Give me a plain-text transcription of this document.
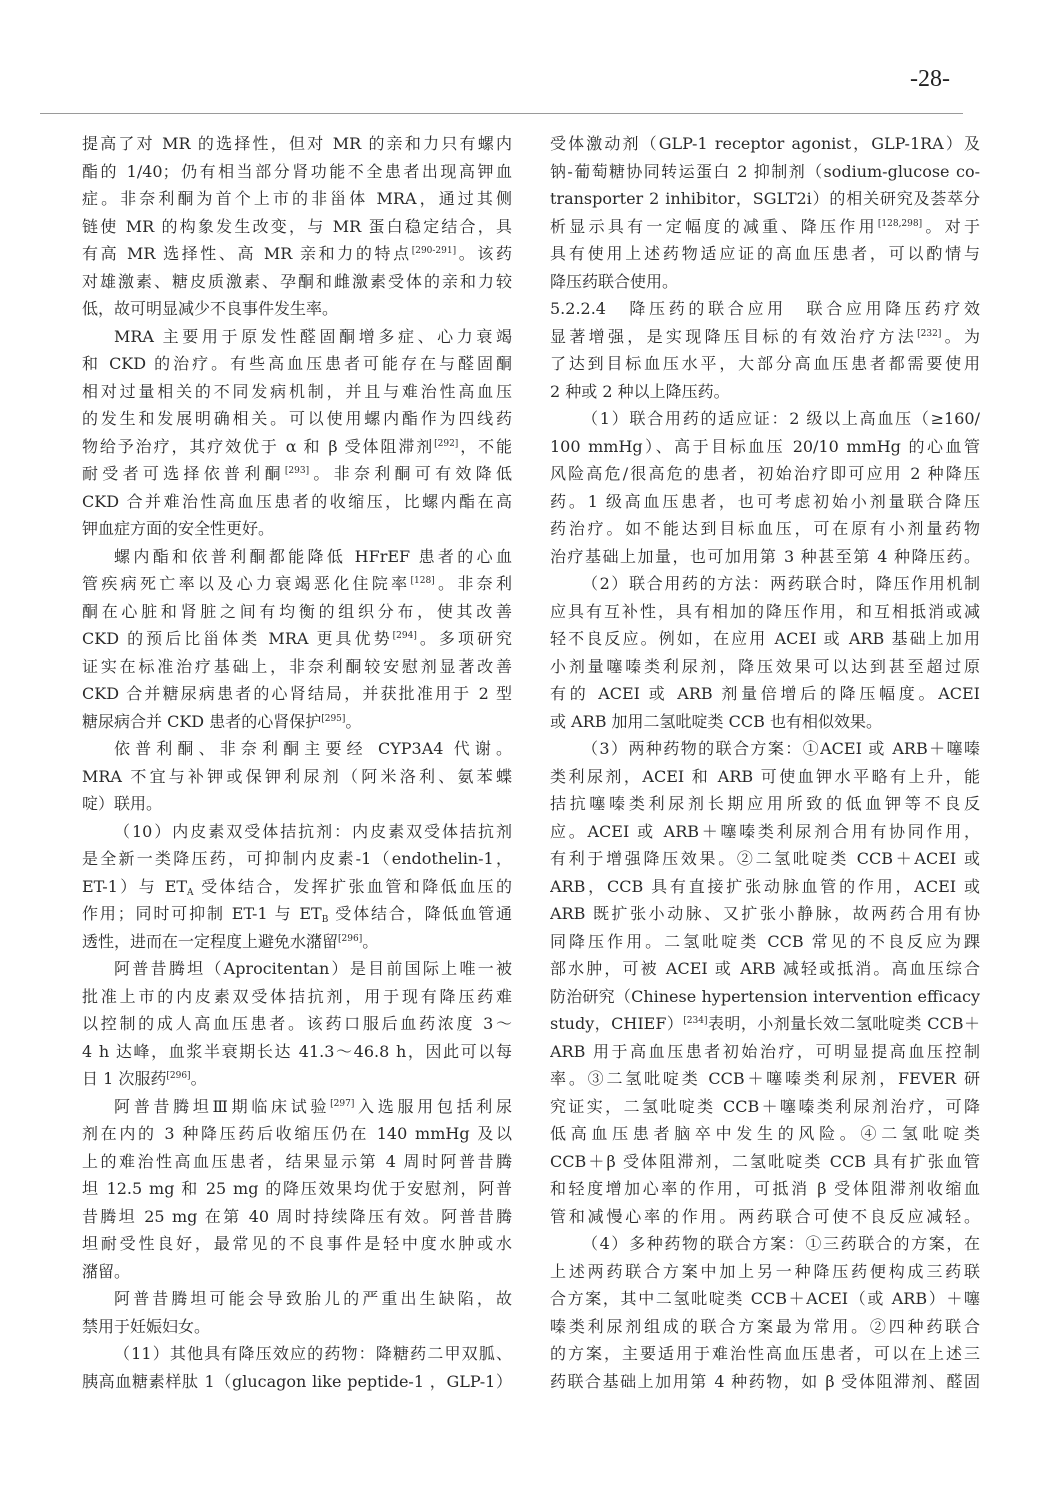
-28-
提高了对 MR 的选择性，但对 MR 的亲和力只有螺内
酯的 1/40；仍有相当部分肾功能不全患者出现高钾血
症。非奈利酮为首个上市的非甾体 MRA，通过其侧
链使 MR 的构象发生改变，与 MR 蛋白稳定结合，具
有高 MR 选择性、高 MR 亲和力的特点[290-291]。该药
对雄激素、糖皮质激素、孕酮和雌激素受体的亲和力较
低，故可明显减少不良事件发生率。
MRA 主要用于原发性醛固酮增多症、心力衰竭
和 CKD 的治疗。有些高血压患者可能存在与醛固酮
相对过量相关的不同发病机制，并且与难治性高血压
的发生和发展明确相关。可以使用螺内酯作为四线药
物给予治疗，其疗效优于 α 和 β 受体阻滞剂[292]，不能
耐受者可选择依普利酮[293]。非奈利酮可有效降低
CKD 合并难治性高血压患者的收缩压，比螺内酯在高
钾血症方面的安全性更好。
螺内酯和依普利酮都能降低 HFrEF 患者的心血
管疾病死亡率以及心力衰竭恶化住院率[128]。非奈利
酮在心脏和肾脏之间有均衡的组织分布，使其改善
CKD 的预后比甾体类 MRA 更具优势[294]。多项研究
证实在标准治疗基础上，非奈利酮较安慰剂显著改善
CKD 合并糖尿病患者的心肾结局，并获批准用于 2 型
糖尿病合并 CKD 患者的心肾保护[295]。
依普利酮、非奈利酮主要经 CYP3A4 代谢。
MRA 不宜与补钾或保钾利尿剂（阿米洛利、氨苯蝶
啶）联用。
（10）内皮素双受体拮抗剂：内皮素双受体拮抗剂
是全新一类降压药，可抑制内皮素-1（endothelin-1，
ET-1）与 $ET_A$ 受体结合，发挥扩张血管和降低血压的
作用；同时可抑制 ET-1 与 $ET_B$ 受体结合，降低血管通
透性，进而在一定程度上避免水潴留[296]。
阿普昔腾坦（Aprocitentan）是目前国际上唯一被
批准上市的内皮素双受体拮抗剂，用于现有降压药难
以控制的成人高血压患者。该药口服后血药浓度 3～
4 h 达峰，血浆半衰期长达 41.3～46.8 h，因此可以每
日 1 次服药[296]。
阿普昔腾坦Ⅲ期临床试验[297]入选服用包括利尿
剂在内的 3 种降压药后收缩压仍在 140 mmHg 及以
上的难治性高血压患者，结果显示第 4 周时阿普昔腾
坦 12.5 mg 和 25 mg 的降压效果均优于安慰剂，阿普
昔腾坦 25 mg 在第 40 周时持续降压有效。阿普昔腾
坦耐受性良好，最常见的不良事件是轻中度水肿或水
潴留。
阿普昔腾坦可能会导致胎儿的严重出生缺陷，故
禁用于妊娠妇女。
（11）其他具有降压效应的药物：降糖药二甲双胍、
胰高血糖素样肽 1（glucagon like peptide-1 ，GLP-1）
受体激动剂（GLP-1 receptor agonist，GLP-1RA）及
钠-葡萄糖协同转运蛋白 2 抑制剂（sodium-glucose co-
transporter 2 inhibitor，SGLT2i）的相关研究及荟萃分
析显示具有一定幅度的减重、降压作用[128,298]。对于
具有使用上述药物适应证的高血压患者，可以酌情与
降压药联合使用。
5.2.2.4　降压药的联合应用　联合应用降压药疗效
显著增强，是实现降压目标的有效治疗方法[232]。为
了达到目标血压水平，大部分高血压患者都需要使用
2 种或 2 种以上降压药。
（1）联合用药的适应证：2 级以上高血压（≥160/
100 mmHg）、高于目标血压 20/10 mmHg 的心血管
风险高危/很高危的患者，初始治疗即可应用 2 种降压
药。1 级高血压患者，也可考虑初始小剂量联合降压
药治疗。如不能达到目标血压，可在原有小剂量药物
治疗基础上加量，也可加用第 3 种甚至第 4 种降压药。
（2）联合用药的方法：两药联合时，降压作用机制
应具有互补性，具有相加的降压作用，和互相抵消或减
轻不良反应。例如，在应用 ACEI 或 ARB 基础上加用
小剂量噻嗪类利尿剂，降压效果可以达到甚至超过原
有的 ACEI 或 ARB 剂量倍增后的降压幅度。ACEI
或 ARB 加用二氢吡啶类 CCB 也有相似效果。
（3）两种药物的联合方案：①ACEI 或 ARB＋噻嗪
类利尿剂，ACEI 和 ARB 可使血钾水平略有上升，能
拮抗噻嗪类利尿剂长期应用所致的低血钾等不良反
应。ACEI 或 ARB＋噻嗪类利尿剂合用有协同作用，
有利于增强降压效果。②二氢吡啶类 CCB＋ACEI 或
ARB，CCB 具有直接扩张动脉血管的作用，ACEI 或
ARB 既扩张小动脉、又扩张小静脉，故两药合用有协
同降压作用。二氢吡啶类 CCB 常见的不良反应为踝
部水肿，可被 ACEI 或 ARB 减轻或抵消。高血压综合
防治研究（Chinese hypertension intervention efficacy
study，CHIEF）[234]表明，小剂量长效二氢吡啶类 CCB＋
ARB 用于高血压患者初始治疗，可明显提高血压控制
率。③二氢吡啶类 CCB＋噻嗪类利尿剂，FEVER 研
究证实，二氢吡啶类 CCB＋噻嗪类利尿剂治疗，可降
低高血压患者脑卒中发生的风险。④二氢吡啶类
CCB＋β 受体阻滞剂，二氢吡啶类 CCB 具有扩张血管
和轻度增加心率的作用，可抵消 β 受体阻滞剂收缩血
管和减慢心率的作用。两药联合可使不良反应减轻。
（4）多种药物的联合方案：①三药联合的方案，在
上述两药联合方案中加上另一种降压药便构成三药联
合方案，其中二氢吡啶类 CCB＋ACEI（或 ARB）＋噻
嗪类利尿剂组成的联合方案最为常用。②四种药联合
的方案，主要适用于难治性高血压患者，可以在上述三
药联合基础上加用第 4 种药物，如 β 受体阻滞剂、醛固
